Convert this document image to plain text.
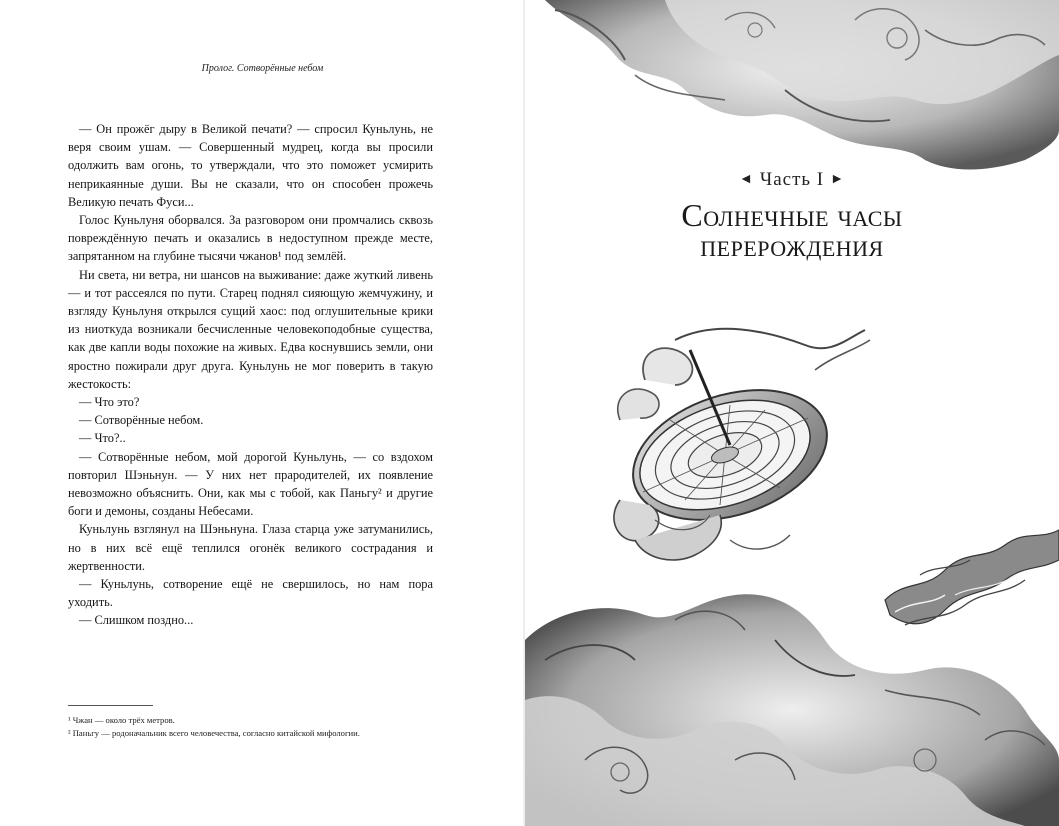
Пролог. Сотворённые небом

— Он прожёг дыру в Великой печати? — спросил Куньлунь, не веря своим ушам. — Совершенный мудрец, когда вы просили одолжить вам огонь, то утверждали, что это поможет усмирить неприкаянные души. Вы не сказали, что он способен прожечь Великую печать Фуси...

Голос Куньлуня оборвался. За разговором они промчались сквозь повреждённую печать и оказались в недоступном прежде месте, запрятанном на глубине тысячи чжанов¹ под землёй.

Ни света, ни ветра, ни шансов на выживание: даже жуткий ливень — и тот рассеялся по пути. Старец поднял сияющую жемчужину, и взгляду Куньлуня открылся сущий хаос: под оглушительные крики из ниоткуда возникали бесчисленные человекоподобные существа, как две капли воды похожие на живых. Едва коснувшись земли, они яростно пожирали друг друга. Куньлунь не мог поверить в такую жестокость:

— Что это?

— Сотворённые небом.

— Что?..

— Сотворённые небом, мой дорогой Куньлунь, — со вздохом повторил Шэньнун. — У них нет прародителей, их появление невозможно объяснить. Они, как мы с тобой, как Паньгу² и другие боги и демоны, созданы Небесами.

Куньлунь взглянул на Шэньнуна. Глаза старца уже затуманились, но в них всё ещё теплился огонёк великого сострадания и жертвенности.

— Куньлунь, сотворение ещё не свершилось, но нам пора уходить.

— Слишком поздно...

¹ Чжан — около трёх метров.
² Паньгу — родоначальник всего человечества, согласно китайской мифологии.
◄ Часть I ►
Солнечные часы
перерождения
